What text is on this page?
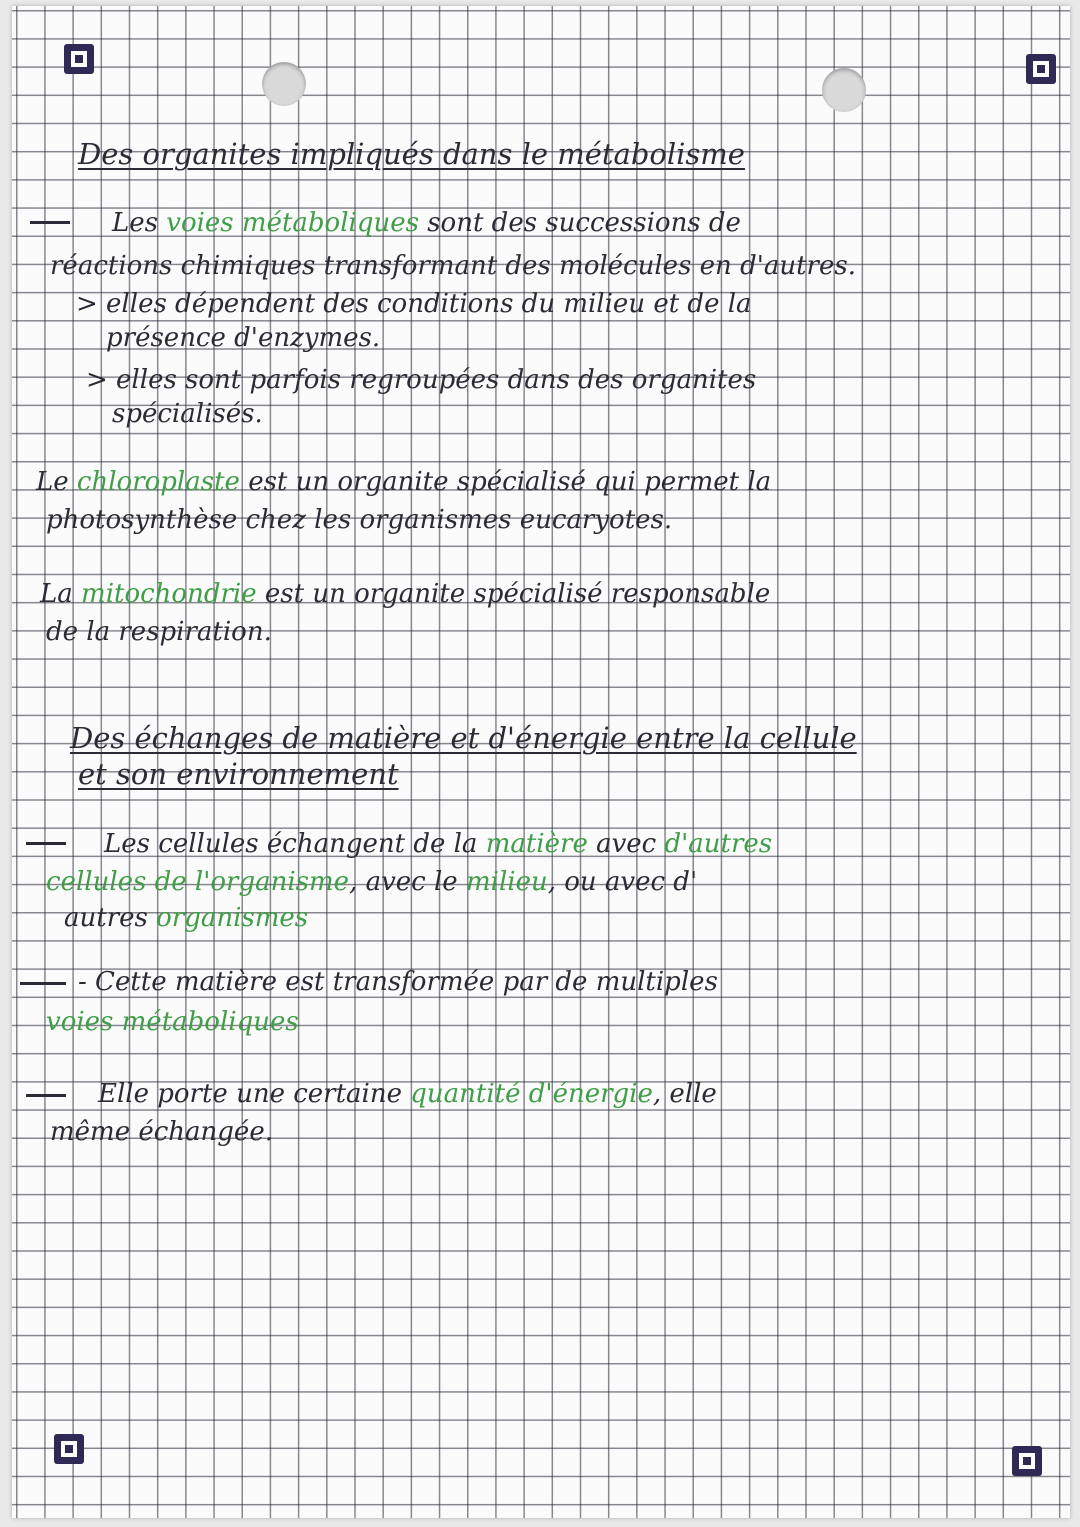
Des organites impliqués dans le métabolisme
Les voies métaboliques sont des successions de
réactions chimiques transformant des molécules en d'autres.
> elles dépendent des conditions du milieu et de la
présence d'enzymes.
> elles sont parfois regroupées dans des organites
spécialisés.
Le chloroplaste est un organite spécialisé qui permet la
photosynthèse chez les organismes eucaryotes.
La mitochondrie est un organite spécialisé responsable
de la respiration.
Des échanges de matière et d'énergie entre la cellule
et son environnement
Les cellules échangent de la matière avec d'autres
cellules de l'organisme, avec le milieu, ou avec d'
autres organismes
- Cette matière est transformée par de multiples
voies métaboliques
Elle porte une certaine quantité d'énergie, elle
même échangée.
